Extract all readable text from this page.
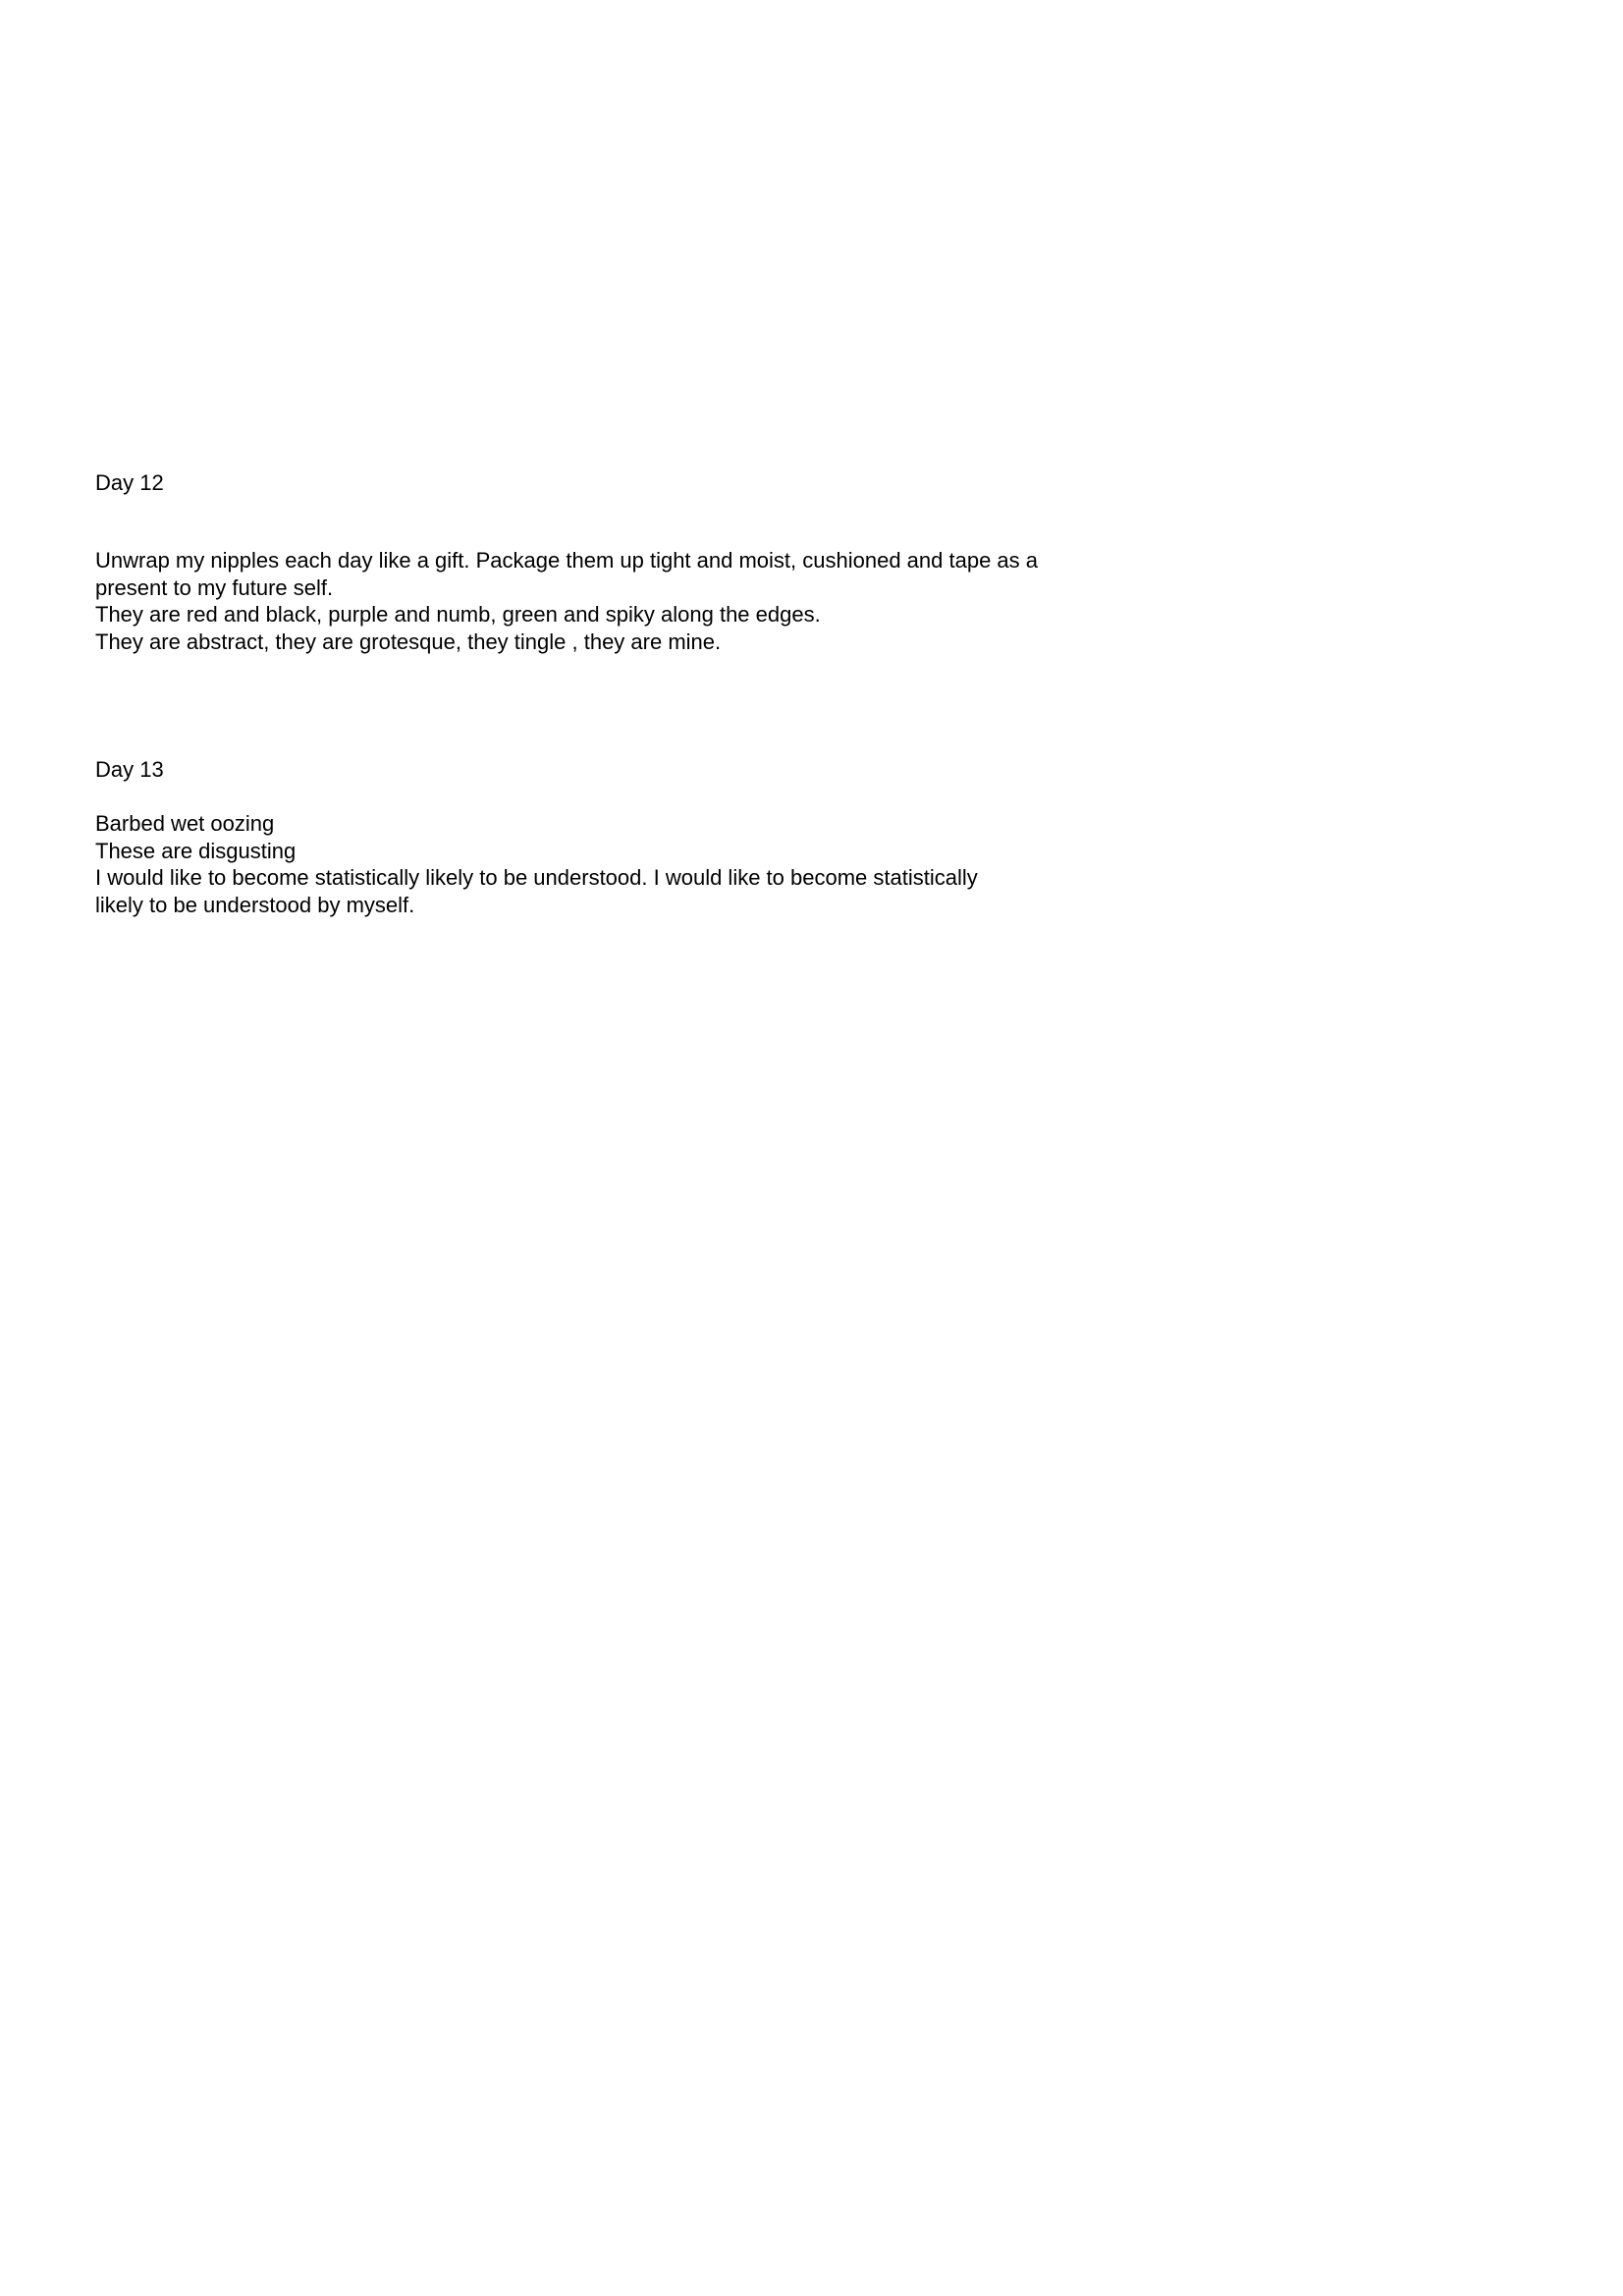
Day 12
Unwrap my nipples each day like a gift. Package them up tight and moist, cushioned and tape as a
present to my future self.
They are red and black, purple and numb, green and spiky along the edges.
They are abstract, they are grotesque, they tingle , they are mine.
Day 13
Barbed wet oozing
These are disgusting
I would like to become statistically likely to be understood. I would like to become statistically
likely to be understood by myself.
